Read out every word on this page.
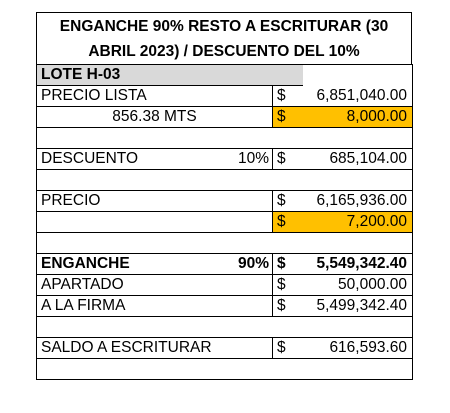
ENGANCHE 90% RESTO A ESCRITURAR (30 ABRIL 2023) / DESCUENTO DEL 10%
LOTE H-03			
PRECIO LISTA		$	6,851,040.00
856.38 MTS		$	8,000.00

DESCUENTO	10%	$	685,104.00

PRECIO		$	6,165,936.00
		$	7,200.00

ENGANCHE	90%	$	5,549,342.40
APARTADO		$	50,000.00
A LA FIRMA		$	5,499,342.40

SALDO A ESCRITURAR		$	616,593.60
